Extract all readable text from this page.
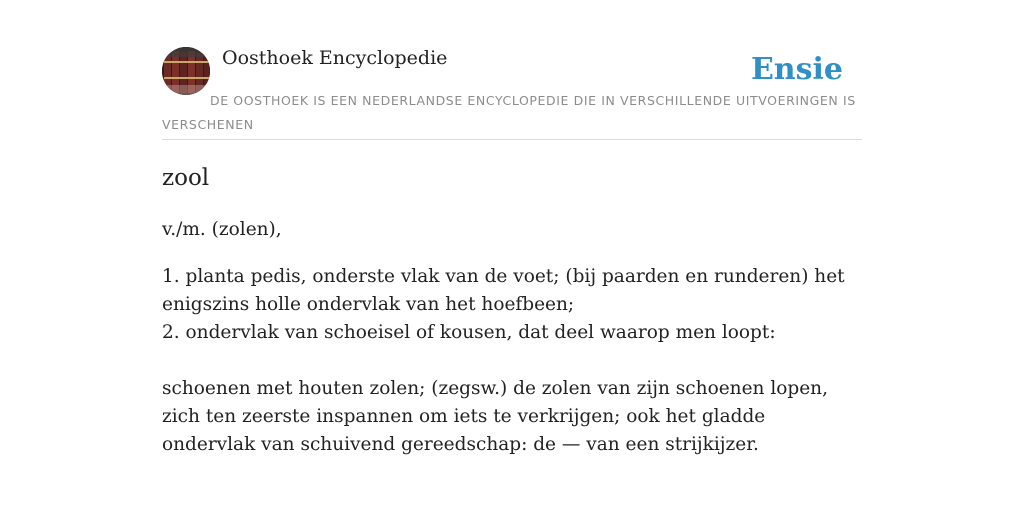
Oosthoek Encyclopedie	Ensie
DE OOSTHOEK IS EEN NEDERLANDSE ENCYCLOPEDIE DIE IN VERSCHILLENDE UITVOERINGEN IS VERSCHENEN
zool
v./m. (zolen),

1. planta pedis, onderste vlak van de voet; (bij paarden en runderen) het enigszins holle ondervlak van het hoefbeen;

2. ondervlak van schoeisel of kousen, dat deel waarop men loopt:

schoenen met houten zolen; (zegsw.) de zolen van zijn schoenen lopen, zich ten zeerste inspannen om iets te verkrijgen; ook het gladde ondervlak van schuivend gereedschap: de — van een strijkijzer.
